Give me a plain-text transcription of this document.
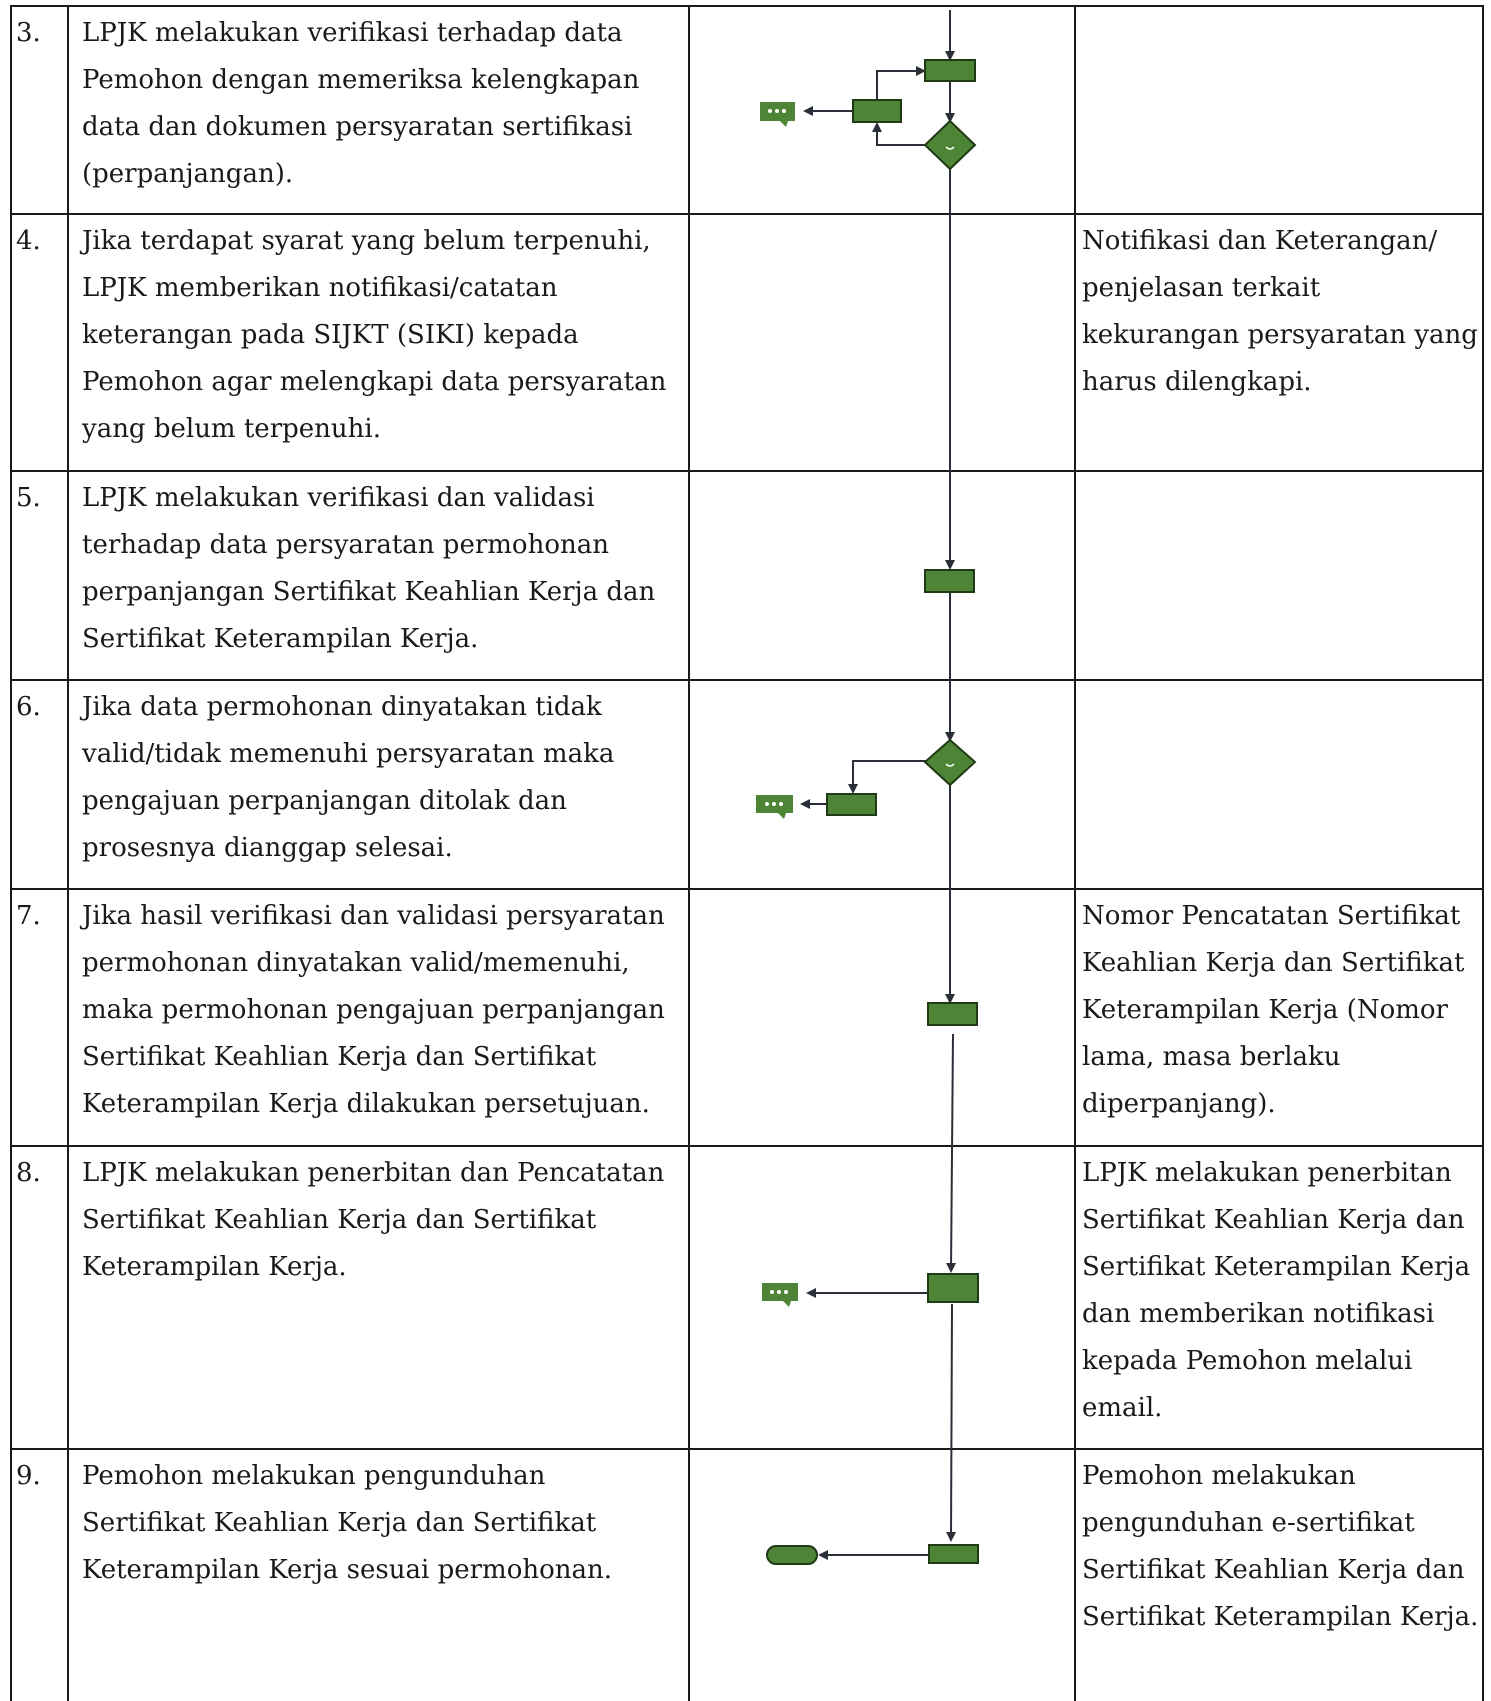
3. LPJK melakukan verifikasi terhadap data
Pemohon dengan memeriksa kelengkapan
data dan dokumen persyaratan sertifikasi
(perpanjangan).
4. Jika terdapat syarat yang belum terpenuhi,
LPJK memberikan notifikasi/catatan
keterangan pada SIJKT (SIKI) kepada
Pemohon agar melengkapi data persyaratan
yang belum terpenuhi.
Notifikasi dan Keterangan/
penjelasan terkait
kekurangan persyaratan yang
harus dilengkapi.
5. LPJK melakukan verifikasi dan validasi
terhadap data persyaratan permohonan
perpanjangan Sertifikat Keahlian Kerja dan
Sertifikat Keterampilan Kerja.
6. Jika data permohonan dinyatakan tidak
valid/tidak memenuhi persyaratan maka
pengajuan perpanjangan ditolak dan
prosesnya dianggap selesai.
7. Jika hasil verifikasi dan validasi persyaratan
permohonan dinyatakan valid/memenuhi,
maka permohonan pengajuan perpanjangan
Sertifikat Keahlian Kerja dan Sertifikat
Keterampilan Kerja dilakukan persetujuan.
Nomor Pencatatan Sertifikat
Keahlian Kerja dan Sertifikat
Keterampilan Kerja (Nomor
lama, masa berlaku
diperpanjang).
8. LPJK melakukan penerbitan dan Pencatatan
Sertifikat Keahlian Kerja dan Sertifikat
Keterampilan Kerja.
LPJK melakukan penerbitan
Sertifikat Keahlian Kerja dan
Sertifikat Keterampilan Kerja
dan memberikan notifikasi
kepada Pemohon melalui
email.
9. Pemohon melakukan pengunduhan
Sertifikat Keahlian Kerja dan Sertifikat
Keterampilan Kerja sesuai permohonan.
Pemohon melakukan
pengunduhan e-sertifikat
Sertifikat Keahlian Kerja dan
Sertifikat Keterampilan Kerja.
